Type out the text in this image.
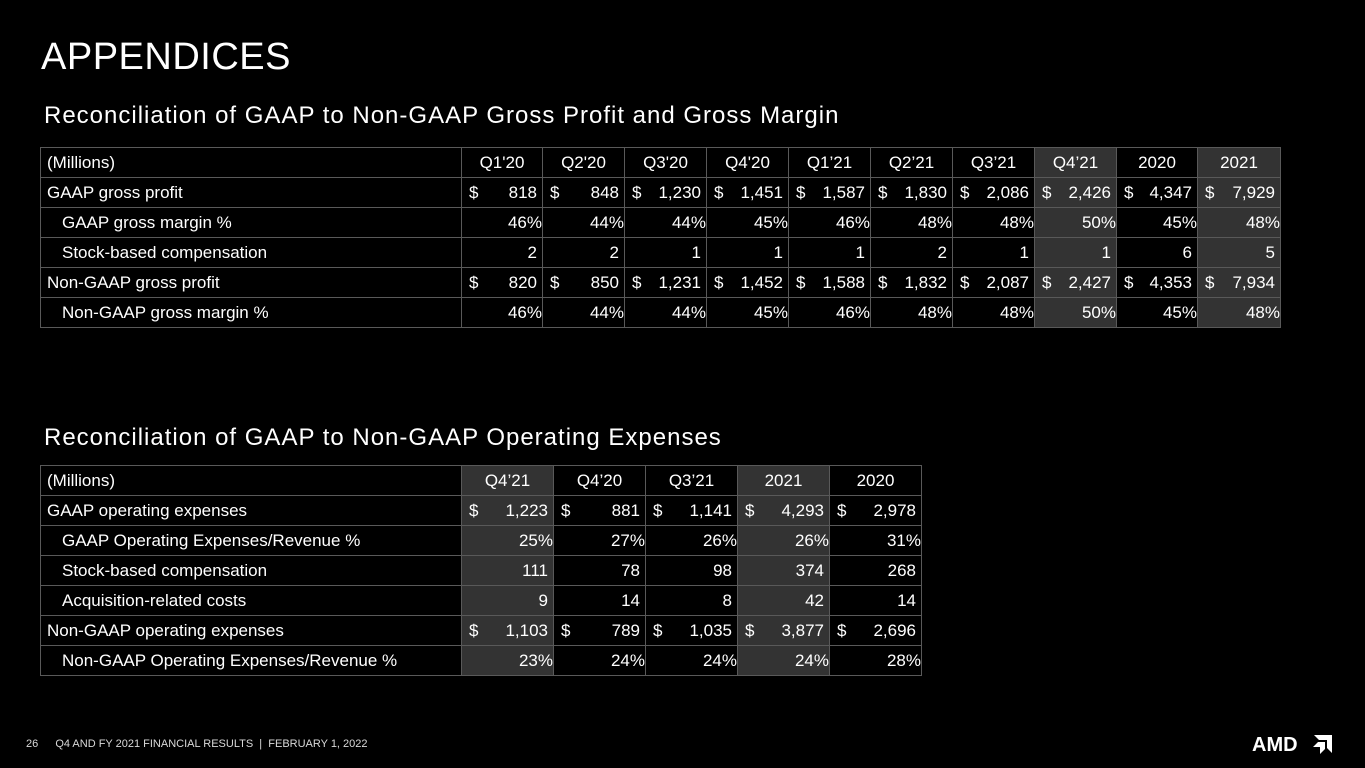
APPENDICES
Reconciliation of GAAP to Non-GAAP Gross Profit and Gross Margin
(Millions)	Q1'20	Q2'20	Q3'20	Q4'20	Q1’21	Q2’21	Q3’21	Q4’21	2020	2021
GAAP gross profit	$ 818	$ 848	$ 1,230	$ 1,451	$ 1,587	$ 1,830	$ 2,086	$ 2,426	$ 4,347	$ 7,929
GAAP gross margin %	46%	44%	44%	45%	46%	48%	48%	50%	45%	48%
Stock-based compensation	2	2	1	1	1	2	1	1	6	5
Non-GAAP gross profit	$ 820	$ 850	$ 1,231	$ 1,452	$ 1,588	$ 1,832	$ 2,087	$ 2,427	$ 4,353	$ 7,934
Non-GAAP gross margin %	46%	44%	44%	45%	46%	48%	48%	50%	45%	48%
Reconciliation of GAAP to Non-GAAP Operating Expenses
(Millions)	Q4’21	Q4’20	Q3’21	2021	2020
GAAP operating expenses	$ 1,223	$ 881	$ 1,141	$ 4,293	$ 2,978
GAAP Operating Expenses/Revenue %	25%	27%	26%	26%	31%
Stock-based compensation	111	78	98	374	268
Acquisition-related costs	9	14	8	42	14
Non-GAAP operating expenses	$ 1,103	$ 789	$ 1,035	$ 3,877	$ 2,696
Non-GAAP Operating Expenses/Revenue %	23%	24%	24%	24%	28%
26 Q4 AND FY 2021 FINANCIAL RESULTS  |  FEBRUARY 1, 2022	AMD
